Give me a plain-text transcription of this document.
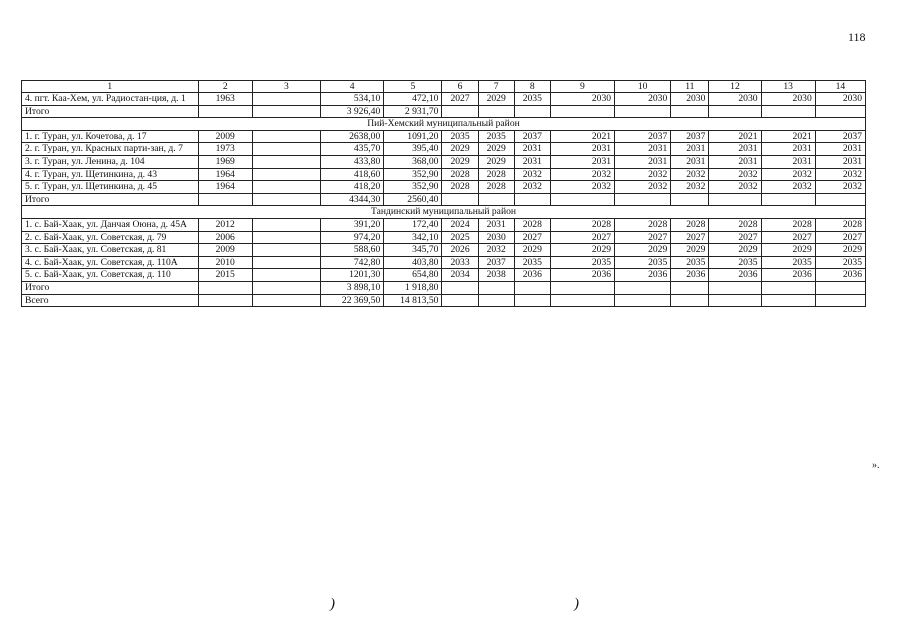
118
1	2	3	4	5	6	7	8	9	10	11	12	13	14
4. пгт. Каа-Хем, ул. Радиостан-ция, д. 1	1963		534,10	472,10	2027	2029	2035	2030	2030	2030	2030	2030	2030
Итого			3 926,40	2 931,70									
Пий-Хемский муниципальный район													
1. г. Туран, ул. Кочетова, д. 17	2009		2638,00	1091,20	2035	2035	2037	2021	2037	2037	2021	2021	2037
2. г. Туран, ул. Красных парти-зан, д. 7	1973		435,70	395,40	2029	2029	2031	2031	2031	2031	2031	2031	2031
3. г. Туран, ул. Ленина, д. 104	1969		433,80	368,00	2029	2029	2031	2031	2031	2031	2031	2031	2031
4. г. Туран, ул. Щетинкина, д. 43	1964		418,60	352,90	2028	2028	2032	2032	2032	2032	2032	2032	2032
5. г. Туран, ул. Щетинкина, д. 45	1964		418,20	352,90	2028	2028	2032	2032	2032	2032	2032	2032	2032
Итого			4344,30	2560,40									
Тандинский муниципальный район													
1. с. Бай-Хаак, ул. Данчая Оюна, д. 45А	2012		391,20	172,40	2024	2031	2028	2028	2028	2028	2028	2028	2028
2. с. Бай-Хаак, ул. Советская, д. 79	2006		974,20	342,10	2025	2030	2027	2027	2027	2027	2027	2027	2027
3. с. Бай-Хаак, ул. Советская, д. 81	2009		588,60	345,70	2026	2032	2029	2029	2029	2029	2029	2029	2029
4. с. Бай-Хаак, ул. Советская, д. 110А	2010		742,80	403,80	2033	2037	2035	2035	2035	2035	2035	2035	2035
5. с. Бай-Хаак, ул. Советская, д. 110	2015		1201,30	654,80	2034	2038	2036	2036	2036	2036	2036	2036	2036
Итого			3 898,10	1 918,80									
Всего			22 369,50	14 813,50									
».
)	)
